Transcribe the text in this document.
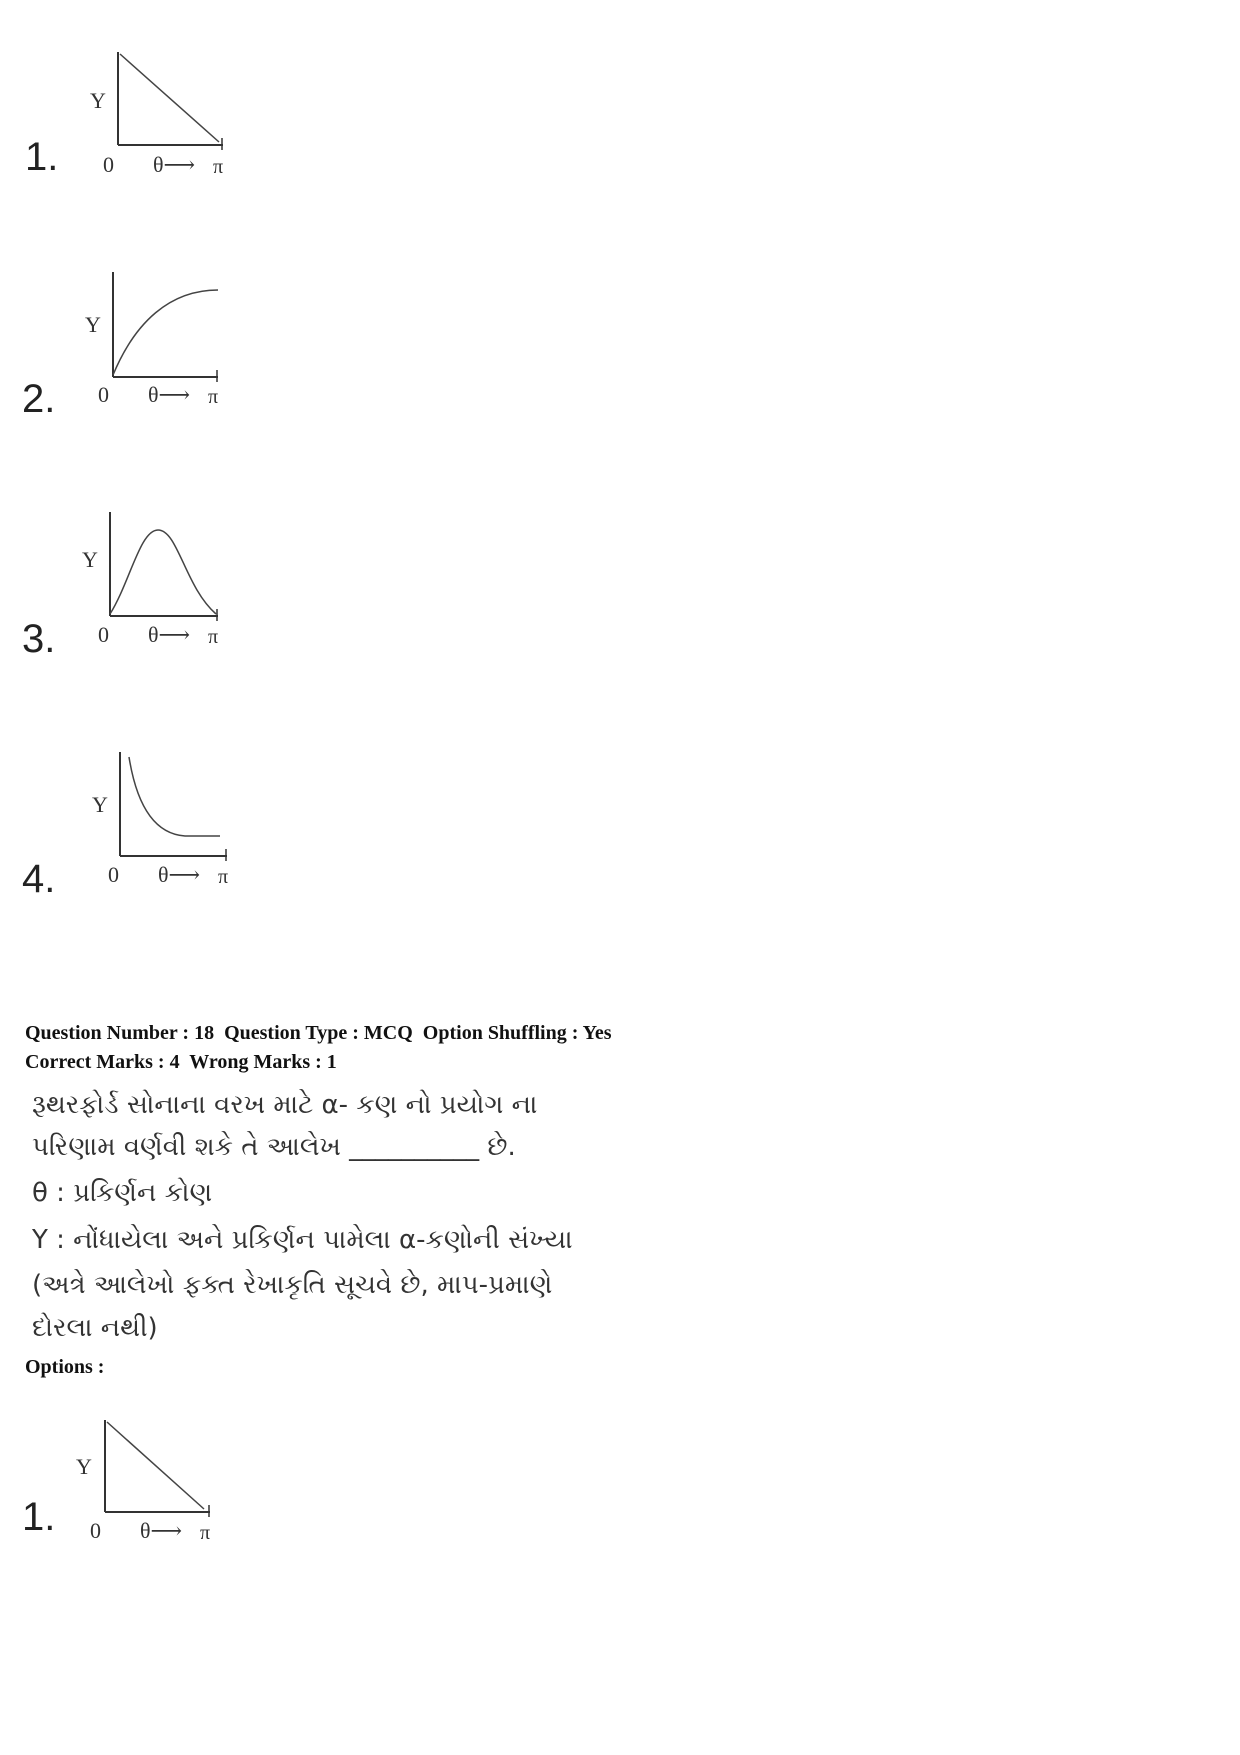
1.
Y
0 θ⟶ π
2.
Y
0 θ⟶ π
3.
Y
0 θ⟶ π
4.
Y
0 θ⟶ π
Question Number : 18  Question Type : MCQ  Option Shuffling : Yes
Correct Marks : 4  Wrong Marks : 1
રૂથરફોર્ડ સોનાના વરખ માટે α- કણ નો પ્રયોગ ના
પરિણામ વર્ણવી શકે તે આલેખ __________ છે.
θ : પ્રકિર્ણન કોણ
Y : નોંધાયેલા અને પ્રકિર્ણન પામેલા α-કણોની સંખ્યા
(અત્રે આલેખો ફક્ત રેખાકૃતિ સૂચવે છે, માપ-પ્રમાણે
દોરલા નથી)
Options :
1.
Y
0 θ⟶ π
